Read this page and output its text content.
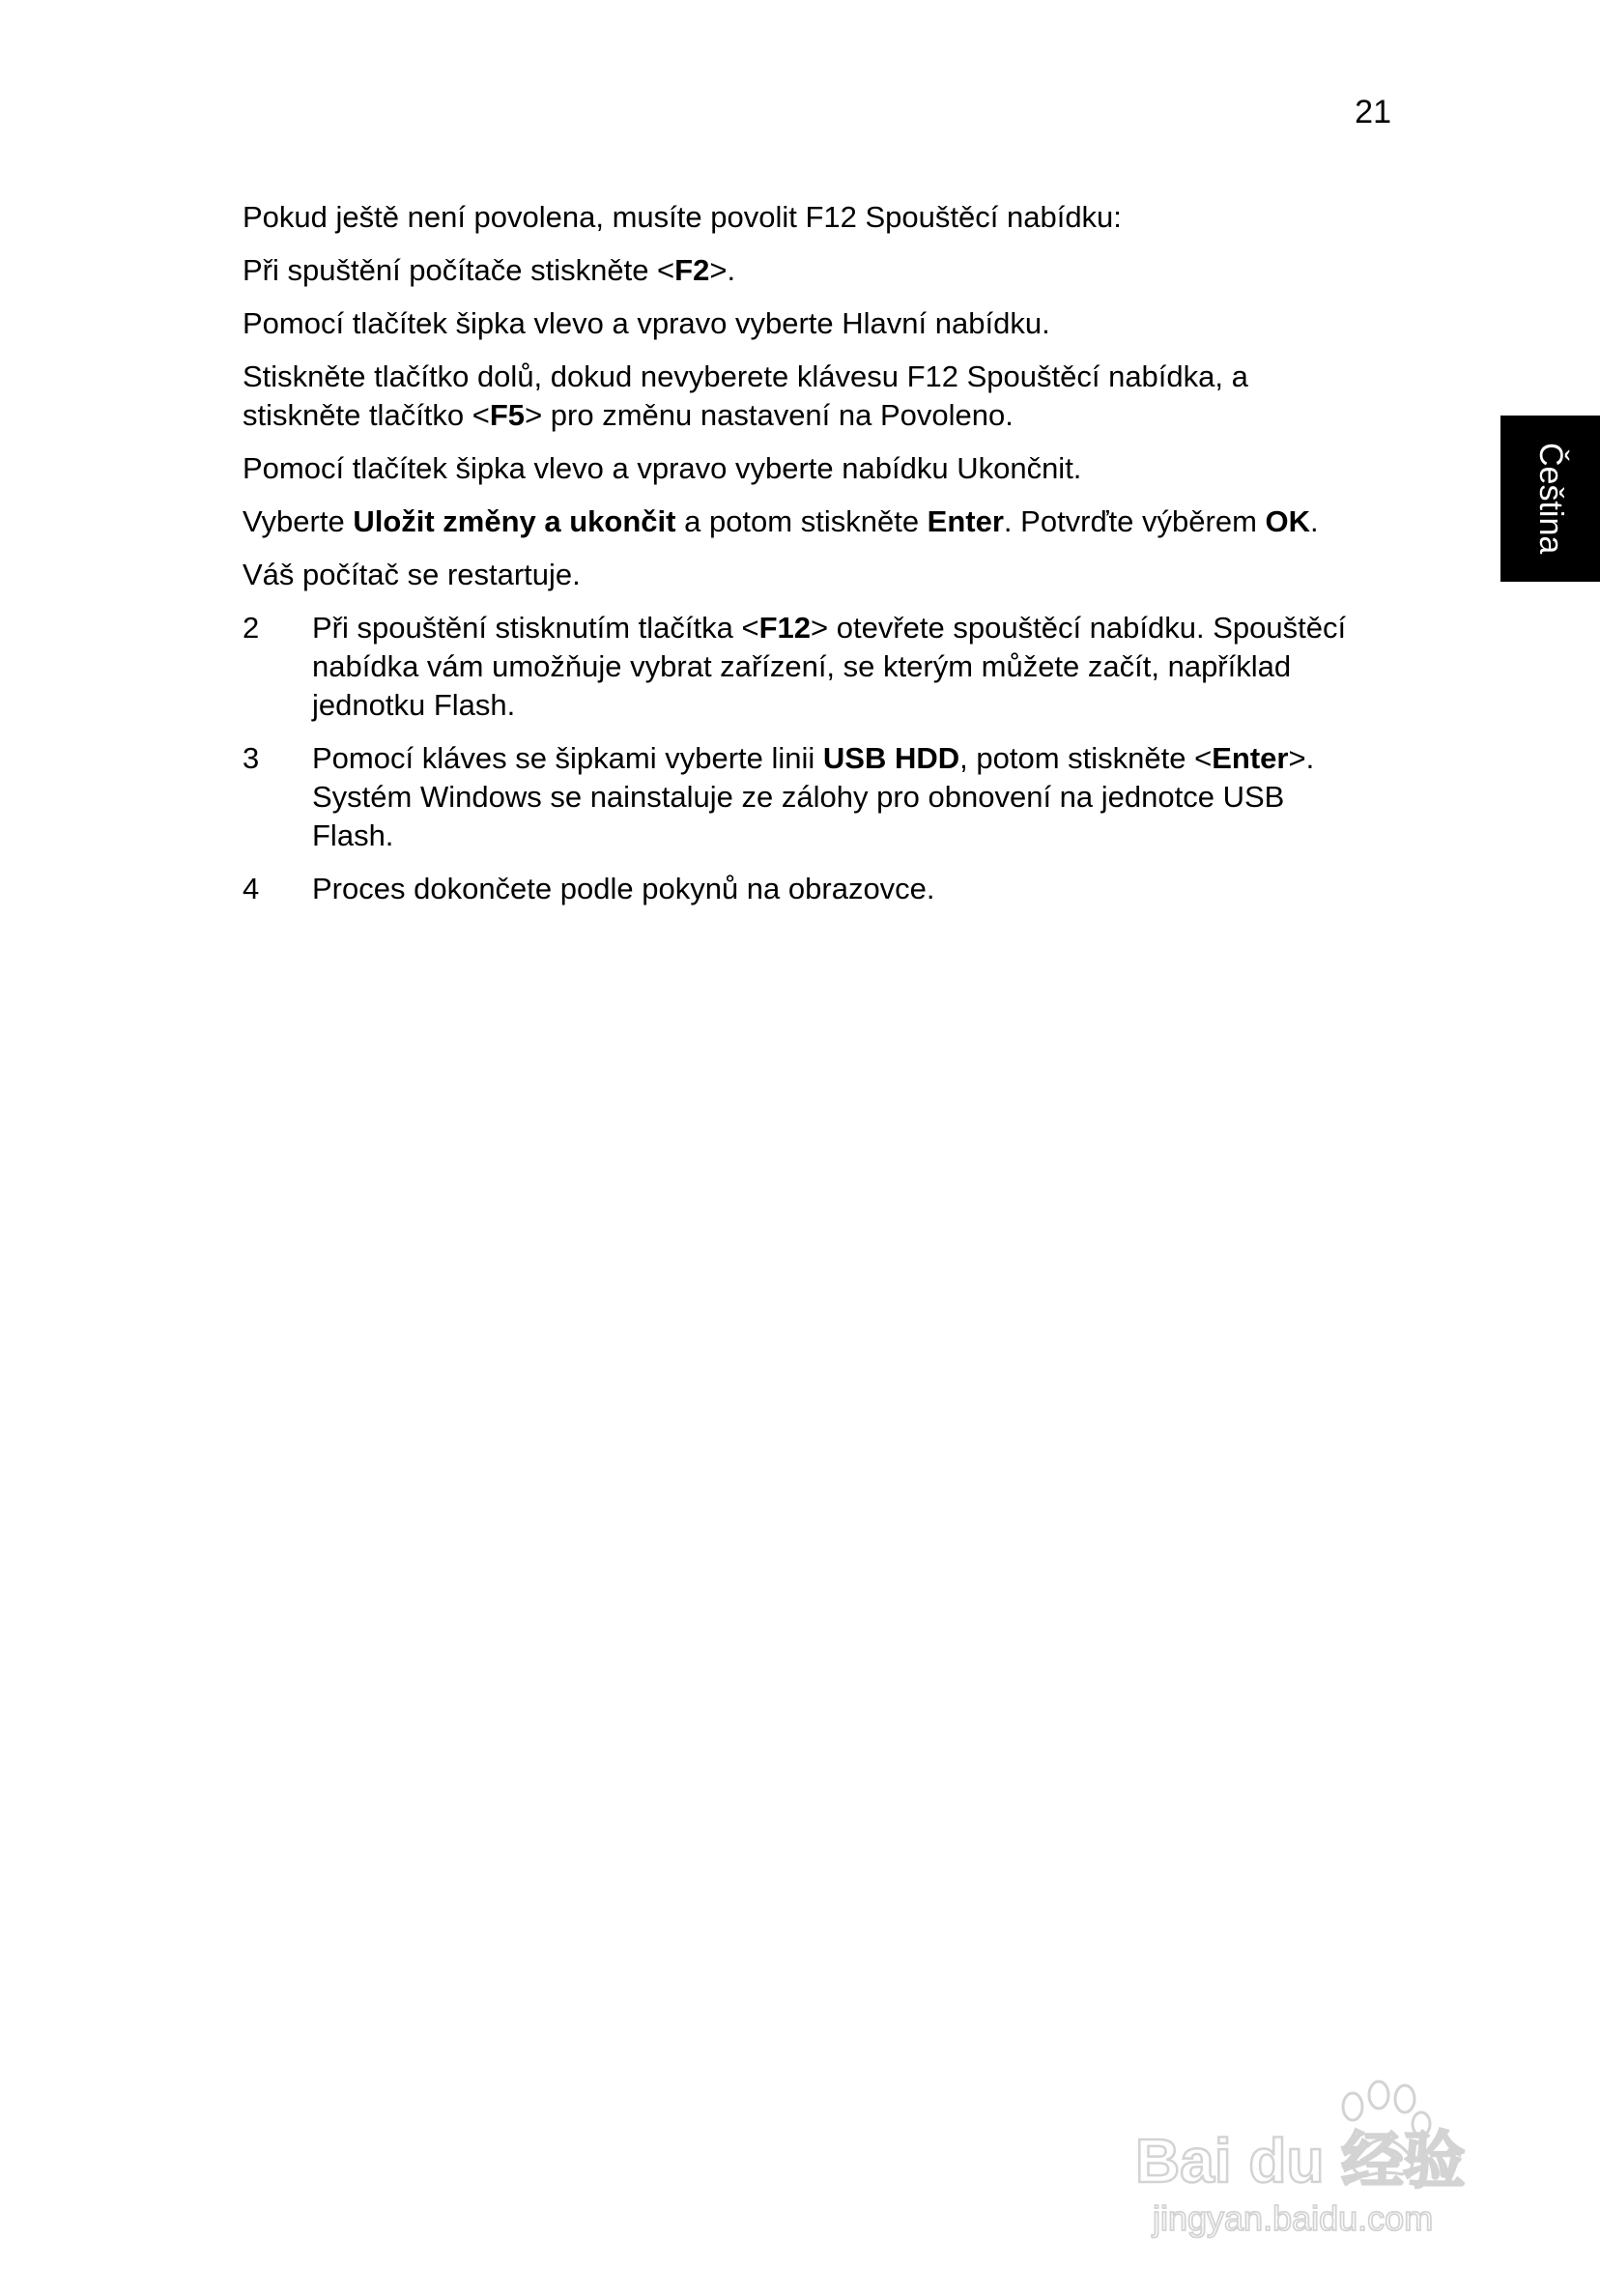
21
Pokud ještě není povolena, musíte povolit F12 Spouštěcí nabídku:
Při spuštění počítače stiskněte <F2>.
Pomocí tlačítek šipka vlevo a vpravo vyberte Hlavní nabídku.
Stiskněte tlačítko dolů, dokud nevyberete klávesu F12 Spouštěcí nabídka, a
stiskněte tlačítko <F5> pro změnu nastavení na Povoleno.
Pomocí tlačítek šipka vlevo a vpravo vyberte nabídku Ukončnit.
Vyberte Uložit změny a ukončit a potom stiskněte Enter. Potvrďte výběrem OK.
Váš počítač se restartuje.
2	Při spouštění stisknutím tlačítka <F12> otevřete spouštěcí nabídku. Spouštěcí
nabídka vám umožňuje vybrat zařízení, se kterým můžete začít, například
jednotku Flash.
3	Pomocí kláves se šipkami vyberte linii USB HDD, potom stiskněte <Enter>.
Systém Windows se nainstaluje ze zálohy pro obnovení na jednotce USB
Flash.
4	Proces dokončete podle pokynů na obrazovce.
Čeština
Bai du 经验
jingyan.baidu.com
